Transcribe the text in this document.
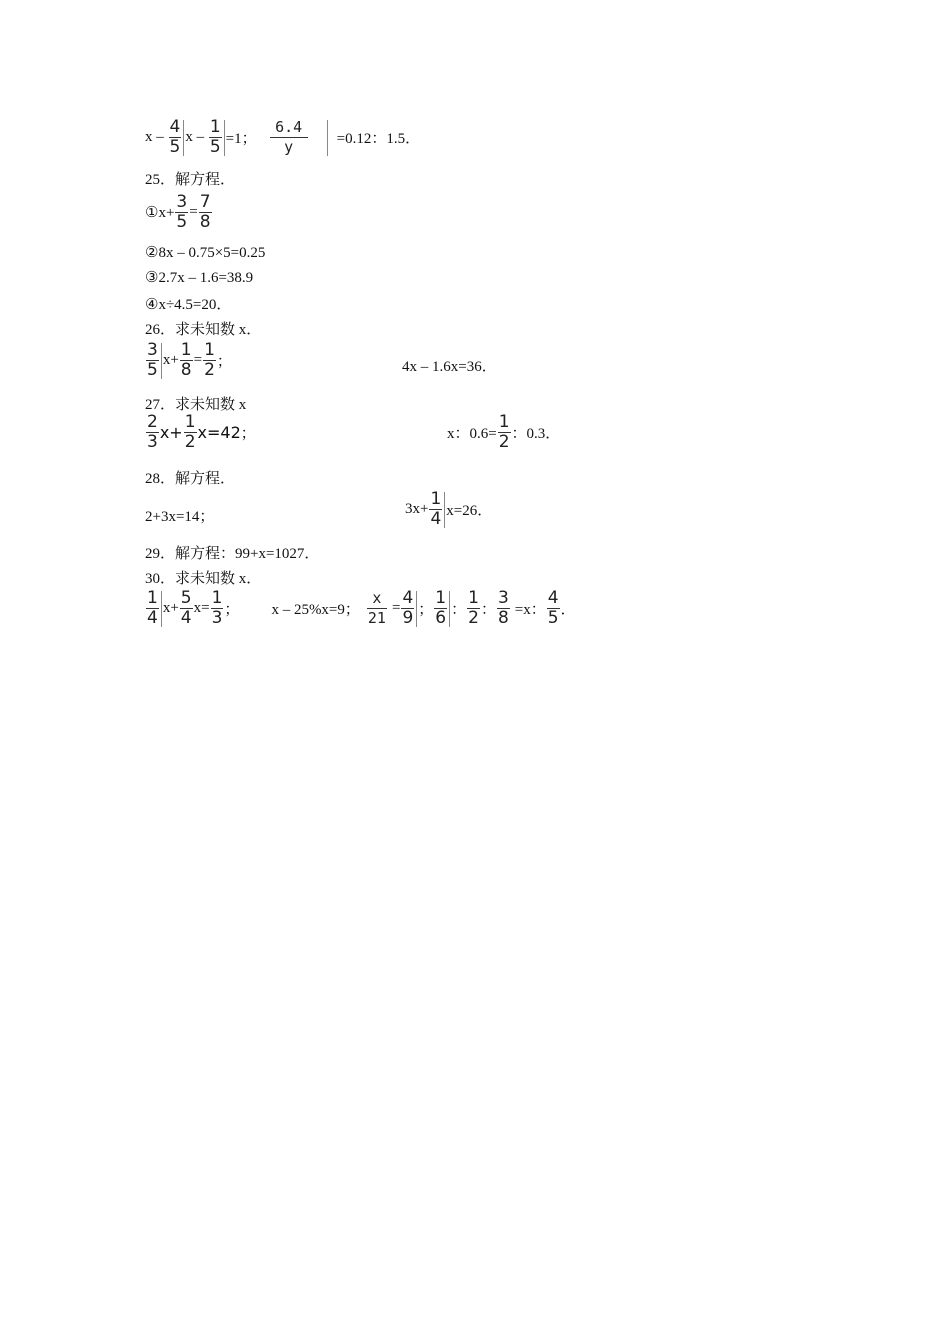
x – $\frac{4}{5}$ $x - \frac{1}{5} =1$； $\frac{6.4}{y} =0.12$：1.5．
25．解方程．
①x+ $\frac{3}{5} = \frac{7}{8}$
②8x – 0.75×5=0.25
③2.7x – 1.6=38.9
④x÷4.5=20．
26．求未知数 x．
$\frac{3}{5} x+ \frac{1}{8} = \frac{1}{2}$ ；	4x – 1.6x=36．
27．求未知数 x
$\frac{2}{3} x+ \frac{1}{2} x=42$ ；	x：$0.6= \frac{1}{2}$ ：0.3．
28．解方程．
2+3x=14；	$3x+ \frac{1}{4} x=26$．
29．解方程：99+x=1027．
30．求未知数 x．
$\frac{1}{4} x+ \frac{5}{4} x= \frac{1}{3}$ ； x – 25%x=9； $\frac{x}{21} = \frac{4}{9}$ ； $\frac{1}{6}$ ： $\frac{1}{2}$ ： $\frac{3}{8} =x$： $\frac{4}{5}$ ．
